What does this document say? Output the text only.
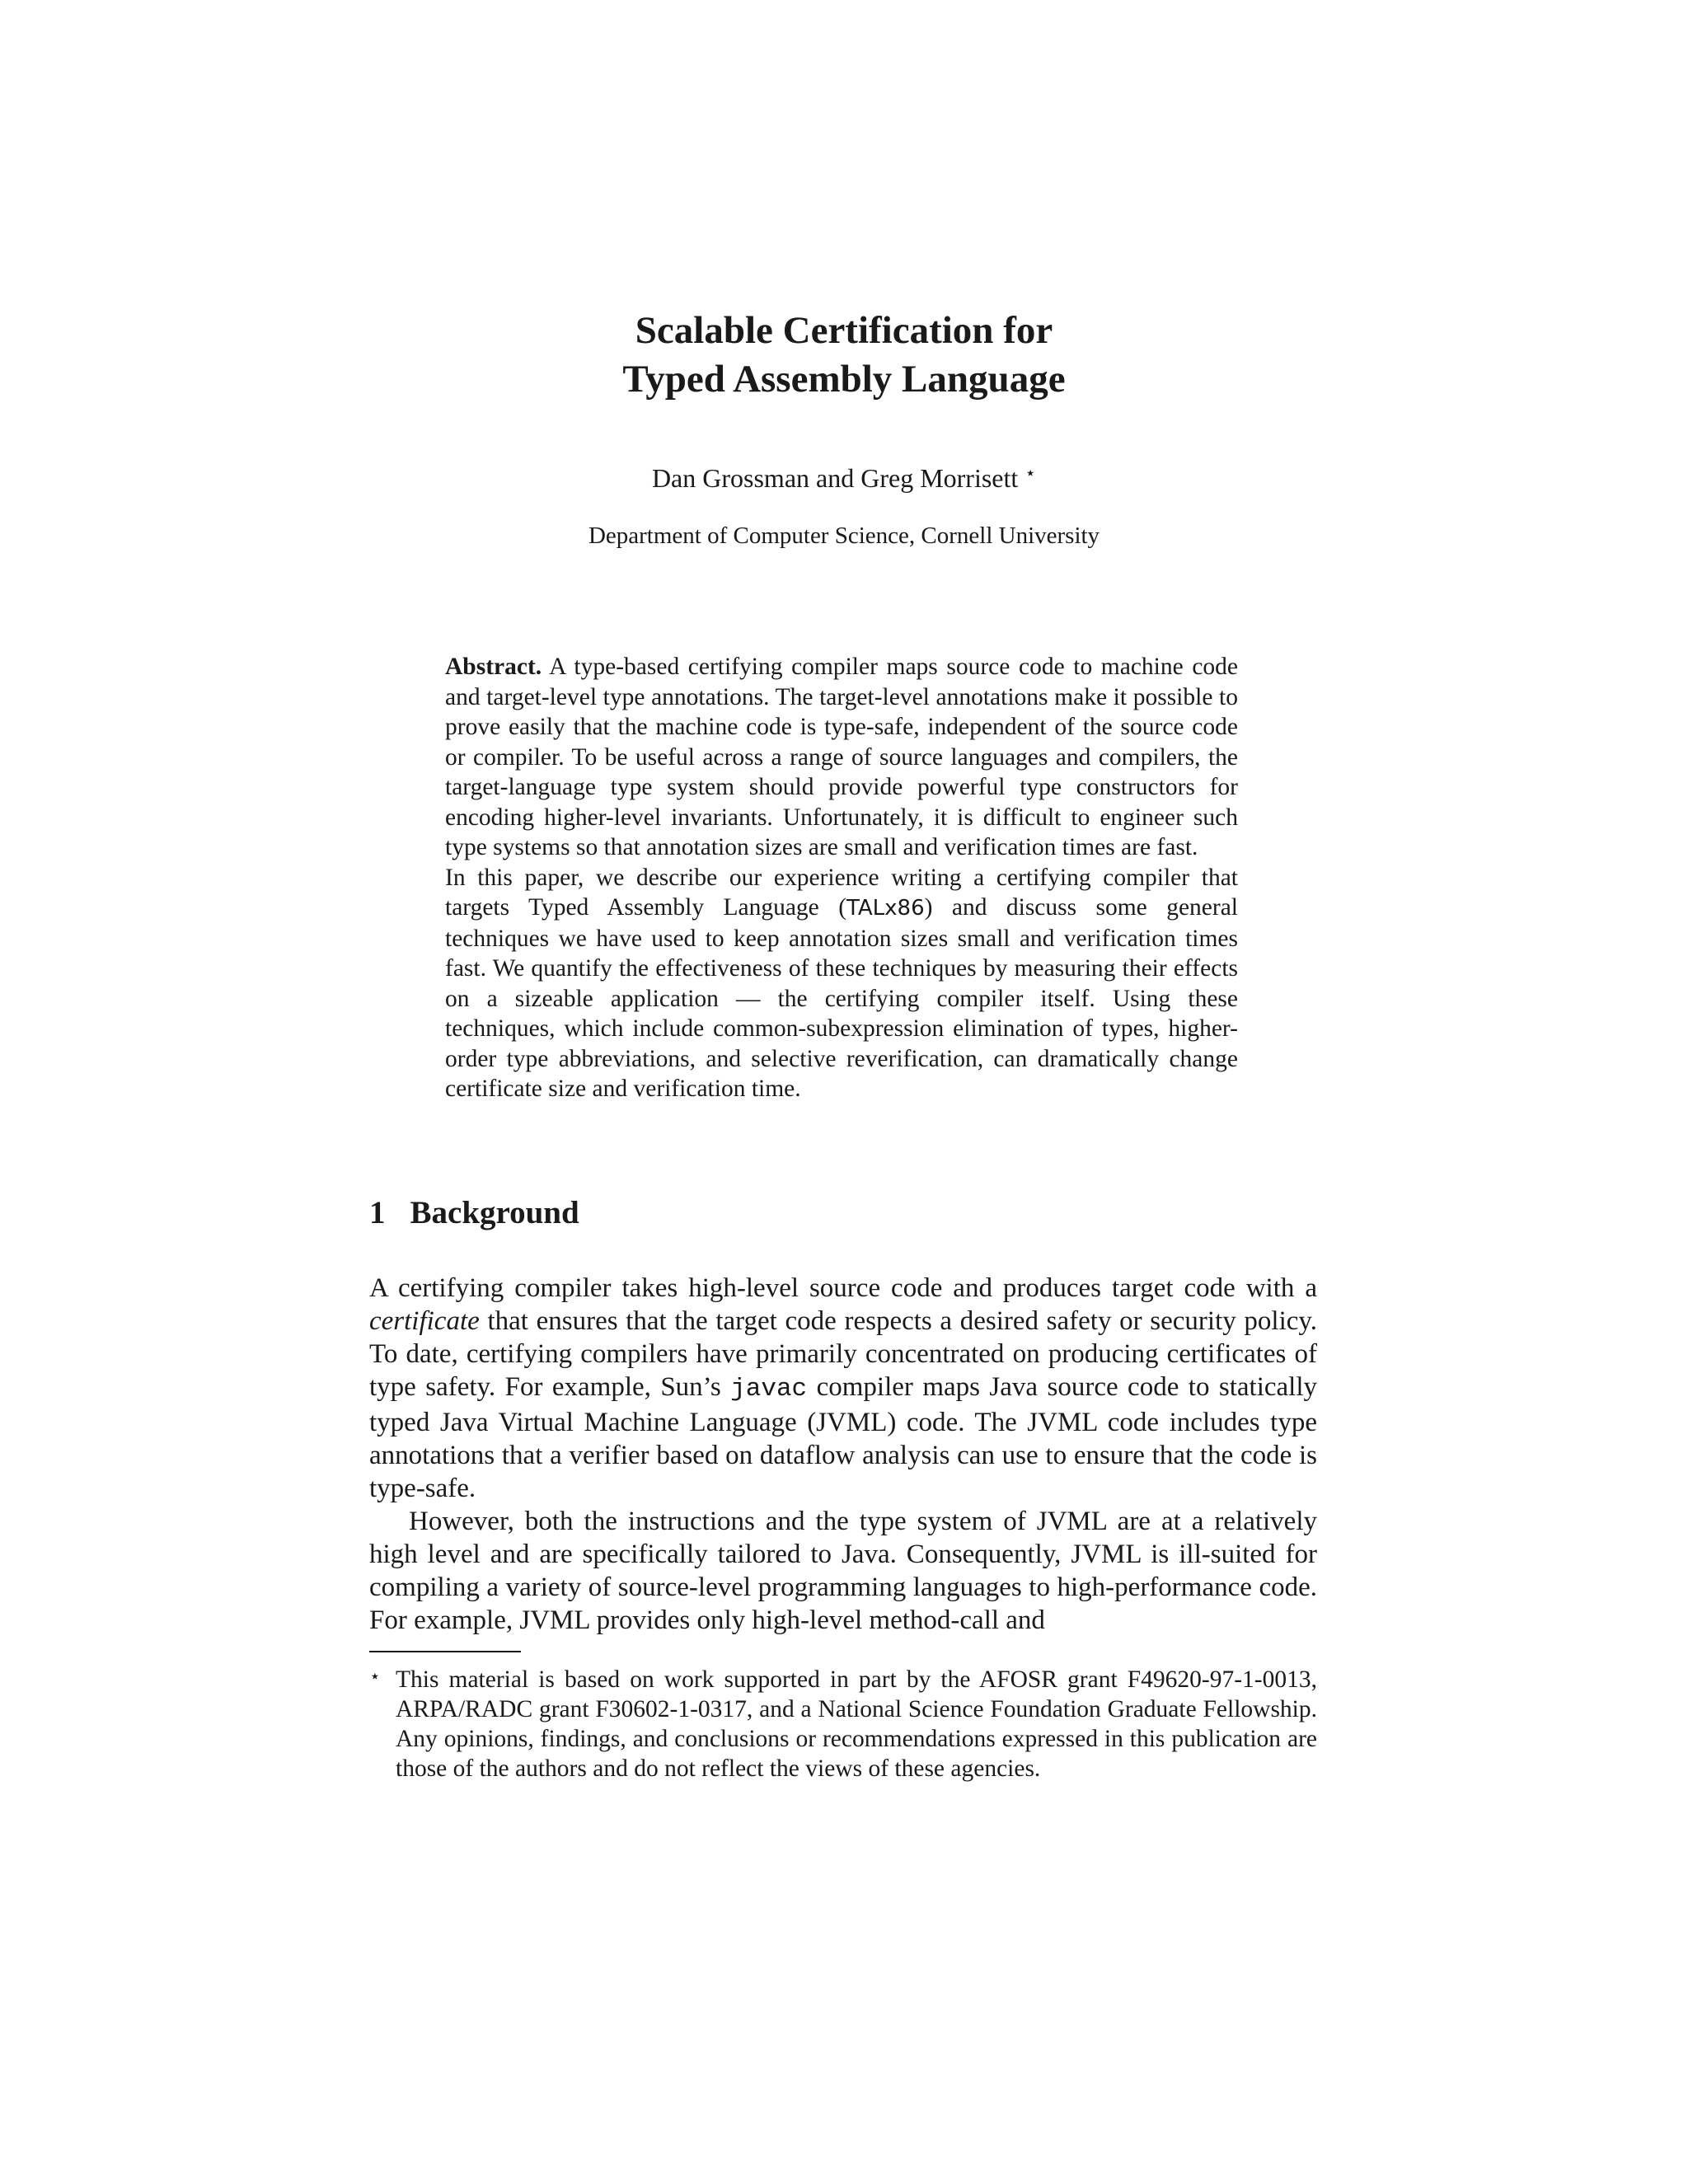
Scalable Certification for
Typed Assembly Language
Dan Grossman and Greg Morrisett ⋆
Department of Computer Science, Cornell University

Abstract. A type-based certifying compiler maps source code to machine code and target-level type annotations. The target-level annotations make it possible to prove easily that the machine code is type-safe, independent of the source code or compiler. To be useful across a range of source languages and compilers, the target-language type system should provide powerful type constructors for encoding higher-level invariants. Unfortunately, it is difficult to engineer such type systems so that annotation sizes are small and verification times are fast.

In this paper, we describe our experience writing a certifying compiler that targets Typed Assembly Language (TALx86) and discuss some general techniques we have used to keep annotation sizes small and verification times fast. We quantify the effectiveness of these techniques by measuring their effects on a sizeable application — the certifying compiler itself. Using these techniques, which include common-subexpression elimination of types, higher-order type abbreviations, and selective reverification, can dramatically change certificate size and verification time.

1 Background

A certifying compiler takes high-level source code and produces target code with a certificate that ensures that the target code respects a desired safety or security policy. To date, certifying compilers have primarily concentrated on producing certificates of type safety. For example, Sun’s javac compiler maps Java source code to statically typed Java Virtual Machine Language (JVML) code. The JVML code includes type annotations that a verifier based on dataflow analysis can use to ensure that the code is type-safe.

However, both the instructions and the type system of JVML are at a relatively high level and are specifically tailored to Java. Consequently, JVML is ill-suited for compiling a variety of source-level programming languages to high-performance code. For example, JVML provides only high-level method-call and

⋆ This material is based on work supported in part by the AFOSR grant F49620-97-1-0013, ARPA/RADC grant F30602-1-0317, and a National Science Foundation Graduate Fellowship. Any opinions, findings, and conclusions or recommendations expressed in this publication are those of the authors and do not reflect the views of these agencies.
